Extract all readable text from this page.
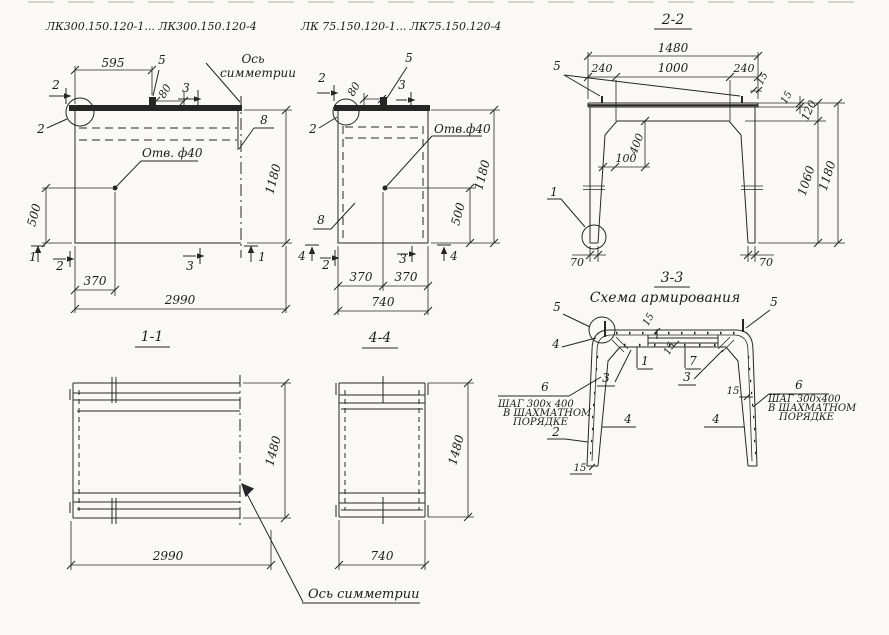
ЛК300.150.120-1... ЛК300.150.120-4	ЛК 75.150.120-1... ЛК75.150.120-4
595	5
80 3
2
2
8
1180
500
1
2	3
1
370
2990
Отв. ф40
Ось
симметрии 2
2
80
5
3
Отв.ф40
500
1180
8
4
2	3	4
370 370
740
2-2
1480
240	1000	240
5
15
15
120
1060
1180
100
400
1
70	70
3-3
Схема армирования
5	5
4
15
15
1	7
3	3
6	6
ШАГ 300х 400
В ШАХМАТНОМ
ПОРЯДКЕ
ШАГ 300х400
В ШАХМАТНОМ
ПОРЯДКЕ
4	4
2
15
15
1-1
1480
2990
Ось симметрии
4-4
1480
740
